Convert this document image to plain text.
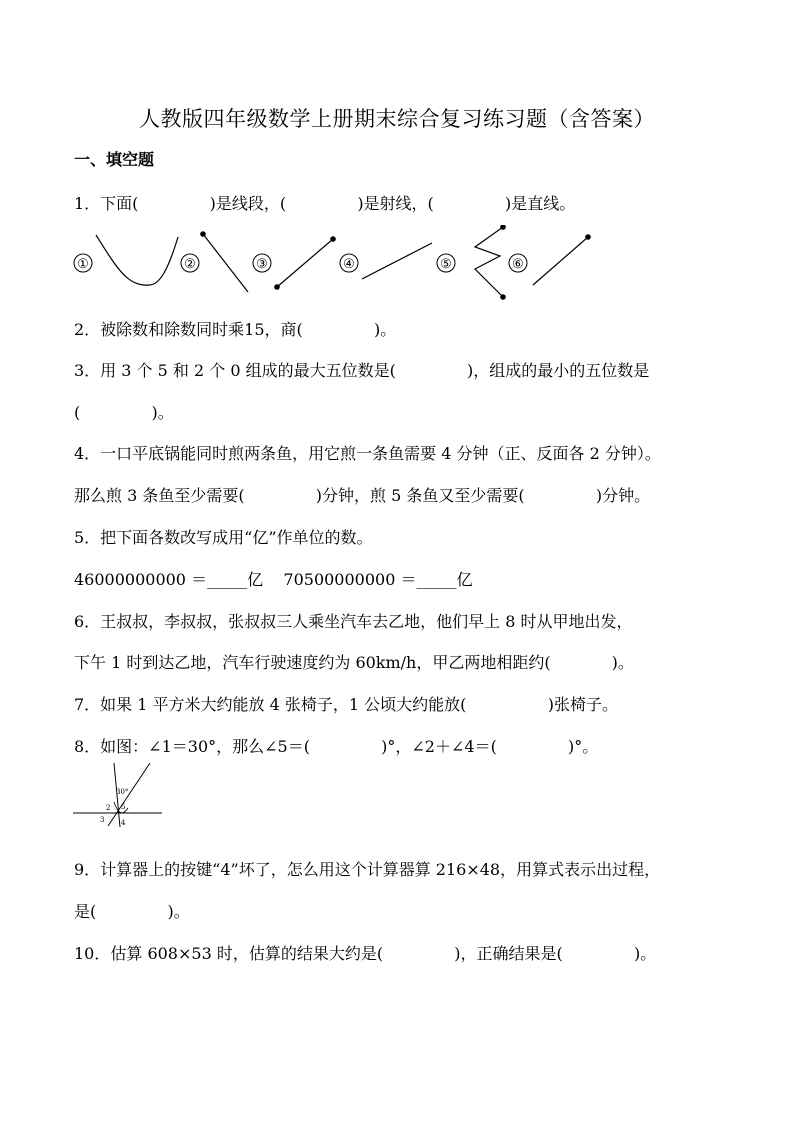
人教版四年级数学上册期末综合复习练习题（含答案）
一、填空题
1．下面(              )是线段，(              )是射线，(              )是直线。
①	②	③	④	⑤	⑥
2．被除数和除数同时乘15，商(              )。
3．用 3 个 5 和 2 个 0 组成的最大五位数是(              )，组成的最小的五位数是
(              )。
4．一口平底锅能同时煎两条鱼，用它煎一条鱼需要 4 分钟（正、反面各 2 分钟）。
那么煎 3 条鱼至少需要(              )分钟，煎 5 条鱼又至少需要(              )分钟。
5．把下面各数改写成用“亿”作单位的数。
46000000000 ＝_____亿    70500000000 ＝_____亿
6．王叔叔，李叔叔，张叔叔三人乘坐汽车去乙地，他们早上 8 时从甲地出发，
下午 1 时到达乙地，汽车行驶速度约为 60km/h，甲乙两地相距约(            )。
7．如果 1 平方米大约能放 4 张椅子，1 公顷大约能放(                )张椅子。
8．如图：∠1＝30°，那么∠5＝(              )°，∠2＋∠4＝(              )°。
30°
2
3 4
5
9．计算器上的按键“4”坏了，怎么用这个计算器算 216×48，用算式表示出过程，
是(              )。
10．估算 608×53 时，估算的结果大约是(              )，正确结果是(              )。
